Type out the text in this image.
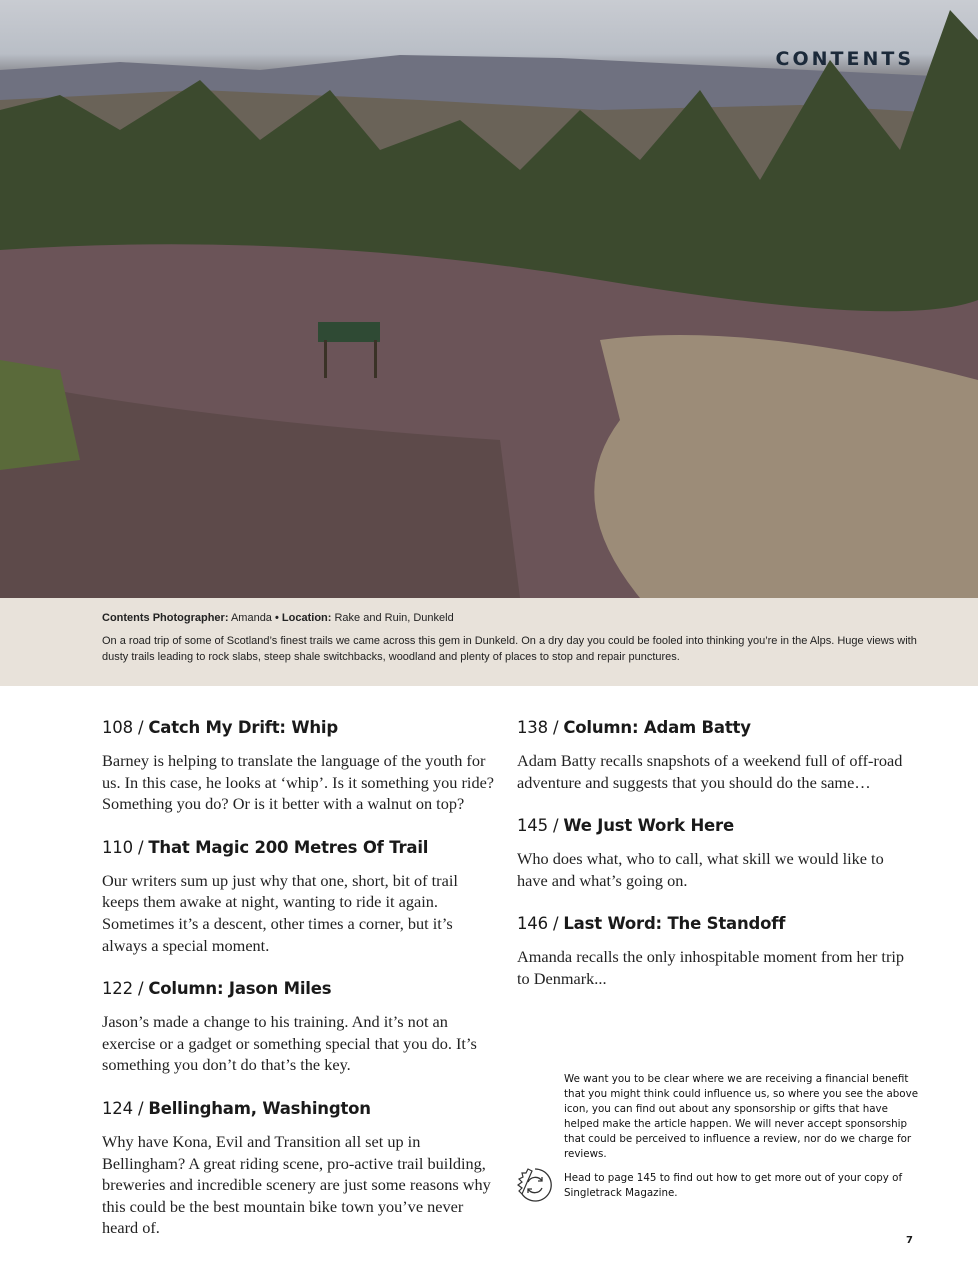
CONTENTS
Contents Photographer: Amanda • Location: Rake and Ruin, Dunkeld

On a road trip of some of Scotland’s finest trails we came across this gem in Dunkeld. On a dry day you could be fooled into thinking you’re in the Alps. Huge views with dusty trails leading to rock slabs, steep shale switchbacks, woodland and plenty of places to stop and repair punctures.

108 / Catch My Drift: Whip

Barney is helping to translate the language of the youth for us. In this case, he looks at ‘whip’. Is it something you ride? Something you do? Or is it better with a walnut on top?

110 / That Magic 200 Metres Of Trail

Our writers sum up just why that one, short, bit of trail keeps them awake at night, wanting to ride it again. Sometimes it’s a descent, other times a corner, but it’s always a special moment.

122 / Column: Jason Miles

Jason’s made a change to his training. And it’s not an exercise or a gadget or something special that you do. It’s something you don’t do that’s the key.

124 / Bellingham, Washington

Why have Kona, Evil and Transition all set up in Bellingham? A great riding scene, pro-active trail building, breweries and incredible scenery are just some reasons why this could be the best mountain bike town you’ve never heard of.

138 / Column: Adam Batty

Adam Batty recalls snapshots of a weekend full of off-road adventure and suggests that you should do the same…

145 / We Just Work Here

Who does what, who to call, what skill we would like to have and what’s going on.

146 / Last Word: The Standoff

Amanda recalls the only inhospitable moment from her trip to Denmark...

We want you to be clear where we are receiving a financial benefit that you might think could influence us, so where you see the above icon, you can find out about any sponsorship or gifts that have helped make the article happen. We will never accept sponsorship that could be perceived to influence a review, nor do we charge for reviews.

Head to page 145 to find out how to get more out of your copy of Singletrack Magazine.

7
